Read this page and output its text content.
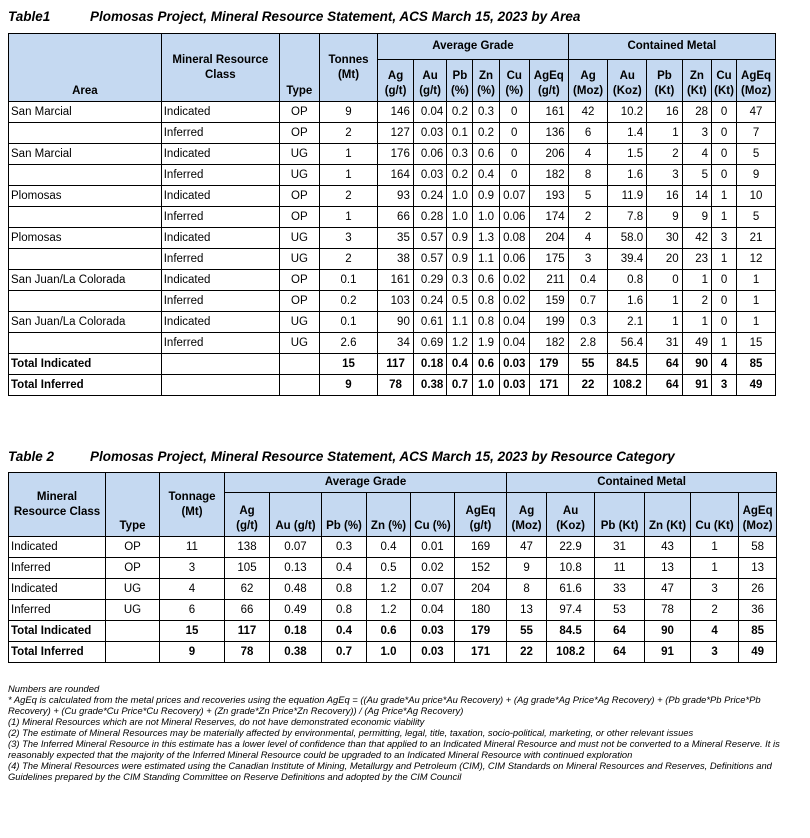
Table1	Plomosas Project, Mineral Resource Statement, ACS March 15, 2023 by Area
Area	Mineral Resource Class	Type	Tonnes (Mt)	Average Grade						Contained Metal					
				Ag (g/t)	Au (g/t)	Pb (%)	Zn (%)	Cu (%)	AgEq (g/t)	Ag (Moz)	Au (Koz)	Pb (Kt)	Zn (Kt)	Cu (Kt)	AgEq (Moz)
San Marcial	Indicated	OP	9	146	0.04	0.2	0.3	0	161	42	10.2	16	28	0	47
	Inferred	OP	2	127	0.03	0.1	0.2	0	136	6	1.4	1	3	0	7
San Marcial	Indicated	UG	1	176	0.06	0.3	0.6	0	206	4	1.5	2	4	0	5
	Inferred	UG	1	164	0.03	0.2	0.4	0	182	8	1.6	3	5	0	9
Plomosas	Indicated	OP	2	93	0.24	1.0	0.9	0.07	193	5	11.9	16	14	1	10
	Inferred	OP	1	66	0.28	1.0	1.0	0.06	174	2	7.8	9	9	1	5
Plomosas	Indicated	UG	3	35	0.57	0.9	1.3	0.08	204	4	58.0	30	42	3	21
	Inferred	UG	2	38	0.57	0.9	1.1	0.06	175	3	39.4	20	23	1	12
San Juan/La Colorada	Indicated	OP	0.1	161	0.29	0.3	0.6	0.02	211	0.4	0.8	0	1	0	1
	Inferred	OP	0.2	103	0.24	0.5	0.8	0.02	159	0.7	1.6	1	2	0	1
San Juan/La Colorada	Indicated	UG	0.1	90	0.61	1.1	0.8	0.04	199	0.3	2.1	1	1	0	1
	Inferred	UG	2.6	34	0.69	1.2	1.9	0.04	182	2.8	56.4	31	49	1	15
Total Indicated			15	117	0.18	0.4	0.6	0.03	179	55	84.5	64	90	4	85
Total Inferred			9	78	0.38	0.7	1.0	0.03	171	22	108.2	64	91	3	49
Table 2	Plomosas Project, Mineral Resource Statement, ACS March 15, 2023 by Resource Category
Mineral Resource Class	Type	Tonnage (Mt)	Average Grade						Contained Metal					
			Ag (g/t)	Au (g/t)	Pb (%)	Zn (%)	Cu (%)	AgEq (g/t)	Ag (Moz)	Au (Koz)	Pb (Kt)	Zn (Kt)	Cu (Kt)	AgEq (Moz)
Indicated	OP	11	138	0.07	0.3	0.4	0.01	169	47	22.9	31	43	1	58
Inferred	OP	3	105	0.13	0.4	0.5	0.02	152	9	10.8	11	13	1	13
Indicated	UG	4	62	0.48	0.8	1.2	0.07	204	8	61.6	33	47	3	26
Inferred	UG	6	66	0.49	0.8	1.2	0.04	180	13	97.4	53	78	2	36
Total Indicated		15	117	0.18	0.4	0.6	0.03	179	55	84.5	64	90	4	85
Total Inferred		9	78	0.38	0.7	1.0	0.03	171	22	108.2	64	91	3	49

Numbers are rounded

* AgEq is calculated from the metal prices and recoveries using the equation AgEq = ((Au grade*Au price*Au Recovery) + (Ag grade*Ag Price*Ag Recovery) + (Pb grade*Pb Price*Pb Recovery) + (Cu grade*Cu Price*Cu Recovery) + (Zn grade*Zn Price*Zn Recovery)) / (Ag Price*Ag Recovery)

(1) Mineral Resources which are not Mineral Reserves, do not have demonstrated economic viability

(2) The estimate of Mineral Resources may be materially affected by environmental, permitting, legal, title, taxation, socio-political, marketing, or other relevant issues

(3) The Inferred Mineral Resource in this estimate has a lower level of confidence than that applied to an Indicated Mineral Resource and must not be converted to a Mineral Reserve. It is reasonably expected that the majority of the Inferred Mineral Resource could be upgraded to an Indicated Mineral Resource with continued exploration

(4) The Mineral Resources were estimated using the Canadian Institute of Mining, Metallurgy and Petroleum (CIM), CIM Standards on Mineral Resources and Reserves, Definitions and Guidelines prepared by the CIM Standing Committee on Reserve Definitions and adopted by the CIM Council
